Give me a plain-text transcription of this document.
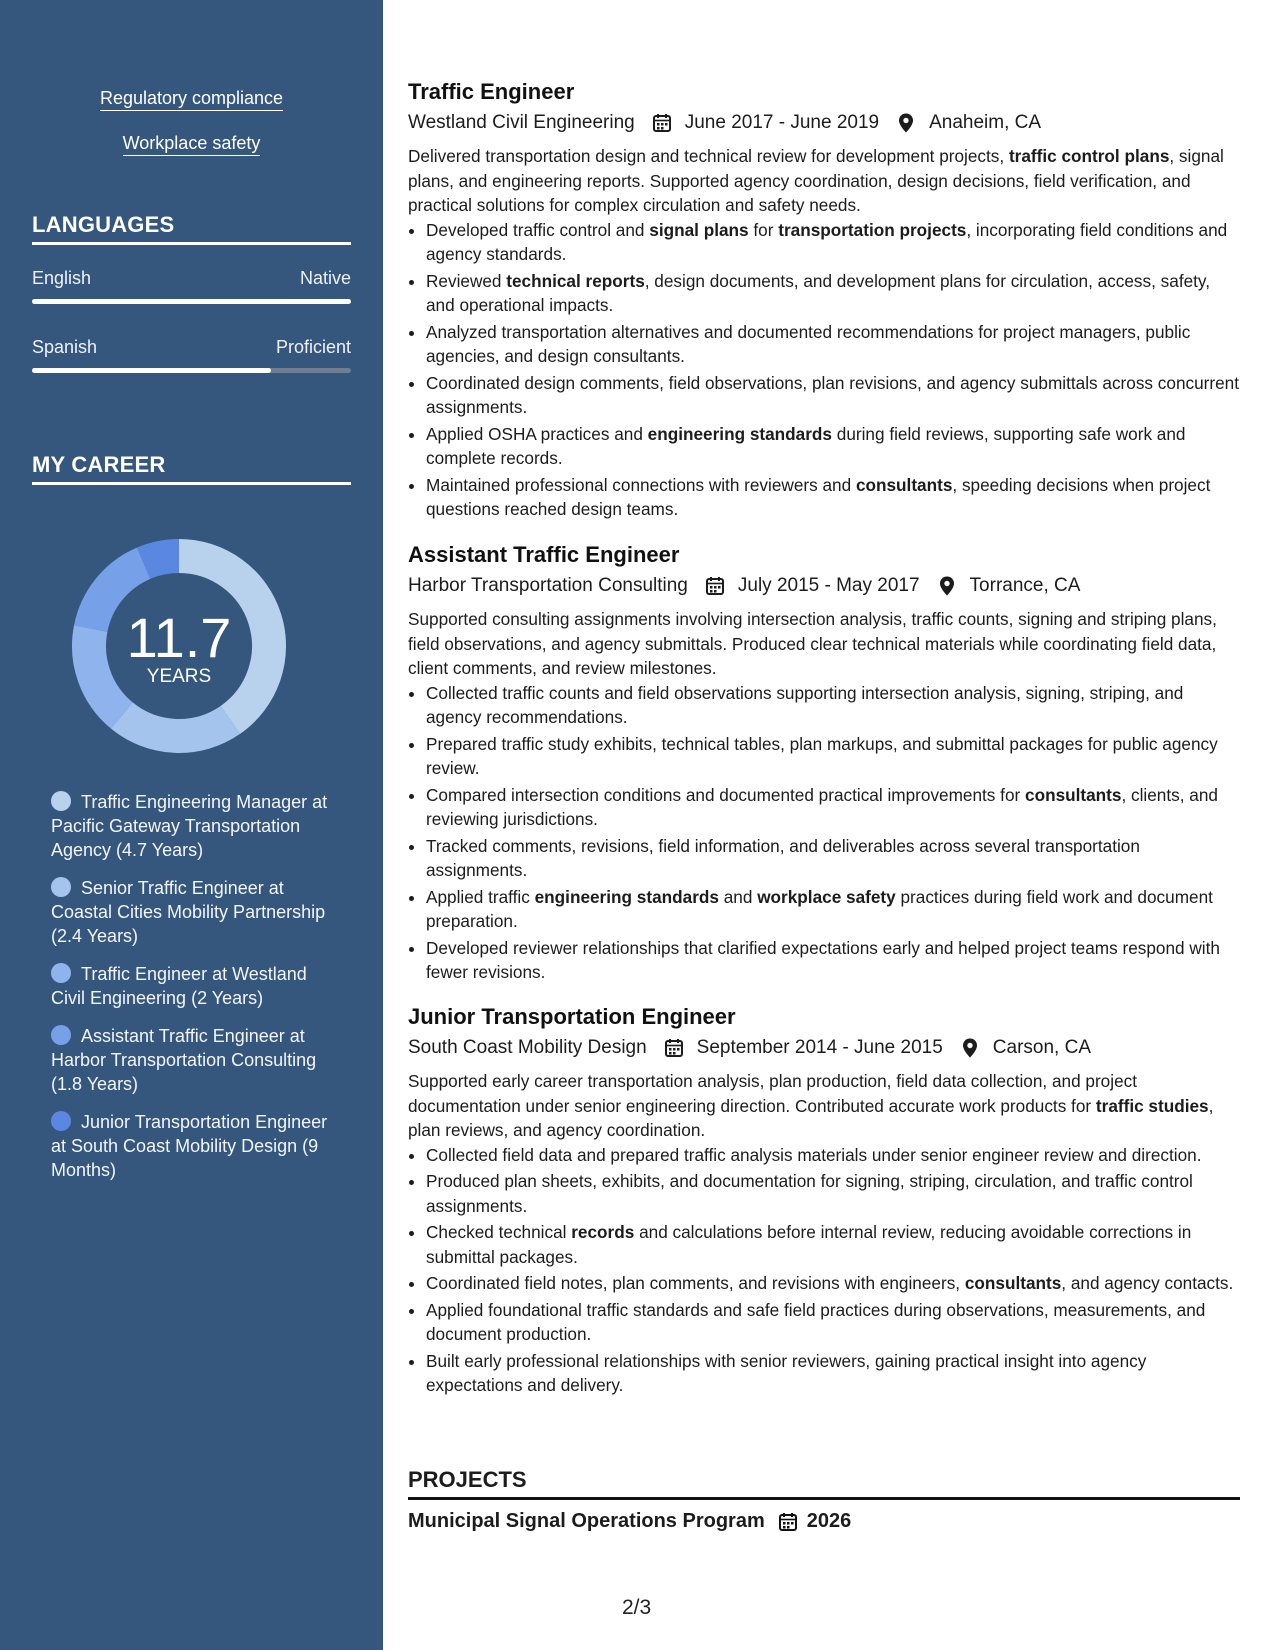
Regulatory compliance
Workplace safety
LANGUAGES
English	Native
Spanish	Proficient
MY CAREER
11.7
YEARS
Traffic Engineering Manager at Pacific Gateway Transportation Agency (4.7 Years)
Senior Traffic Engineer at Coastal Cities Mobility Partnership (2.4 Years)
Traffic Engineer at Westland Civil Engineering (2 Years)
Assistant Traffic Engineer at Harbor Transportation Consulting (1.8 Years)
Junior Transportation Engineer at South Coast Mobility Design (9 Months)
Traffic Engineer
Westland Civil Engineering	June 2017 - June 2019	Anaheim, CA
Delivered transportation design and technical review for development projects, traffic control plans, signal plans, and engineering reports. Supported agency coordination, design decisions, field verification, and practical solutions for complex circulation and safety needs.
• Developed traffic control and signal plans for transportation projects, incorporating field conditions and agency standards.
• Reviewed technical reports, design documents, and development plans for circulation, access, safety, and operational impacts.
• Analyzed transportation alternatives and documented recommendations for project managers, public agencies, and design consultants.
• Coordinated design comments, field observations, plan revisions, and agency submittals across concurrent assignments.
• Applied OSHA practices and engineering standards during field reviews, supporting safe work and complete records.
• Maintained professional connections with reviewers and consultants, speeding decisions when project questions reached design teams.
Assistant Traffic Engineer
Harbor Transportation Consulting	July 2015 - May 2017	Torrance, CA
Supported consulting assignments involving intersection analysis, traffic counts, signing and striping plans, field observations, and agency submittals. Produced clear technical materials while coordinating field data, client comments, and review milestones.
• Collected traffic counts and field observations supporting intersection analysis, signing, striping, and agency recommendations.
• Prepared traffic study exhibits, technical tables, plan markups, and submittal packages for public agency review.
• Compared intersection conditions and documented practical improvements for consultants, clients, and reviewing jurisdictions.
• Tracked comments, revisions, field information, and deliverables across several transportation assignments.
• Applied traffic engineering standards and workplace safety practices during field work and document preparation.
• Developed reviewer relationships that clarified expectations early and helped project teams respond with fewer revisions.
Junior Transportation Engineer
South Coast Mobility Design	September 2014 - June 2015	Carson, CA
Supported early career transportation analysis, plan production, field data collection, and project documentation under senior engineering direction. Contributed accurate work products for traffic studies, plan reviews, and agency coordination.
• Collected field data and prepared traffic analysis materials under senior engineer review and direction.
• Produced plan sheets, exhibits, and documentation for signing, striping, circulation, and traffic control assignments.
• Checked technical records and calculations before internal review, reducing avoidable corrections in submittal packages.
• Coordinated field notes, plan comments, and revisions with engineers, consultants, and agency contacts.
• Applied foundational traffic standards and safe field practices during observations, measurements, and document production.
• Built early professional relationships with senior reviewers, gaining practical insight into agency expectations and delivery.
PROJECTS
Municipal Signal Operations Program 2026
2/3
